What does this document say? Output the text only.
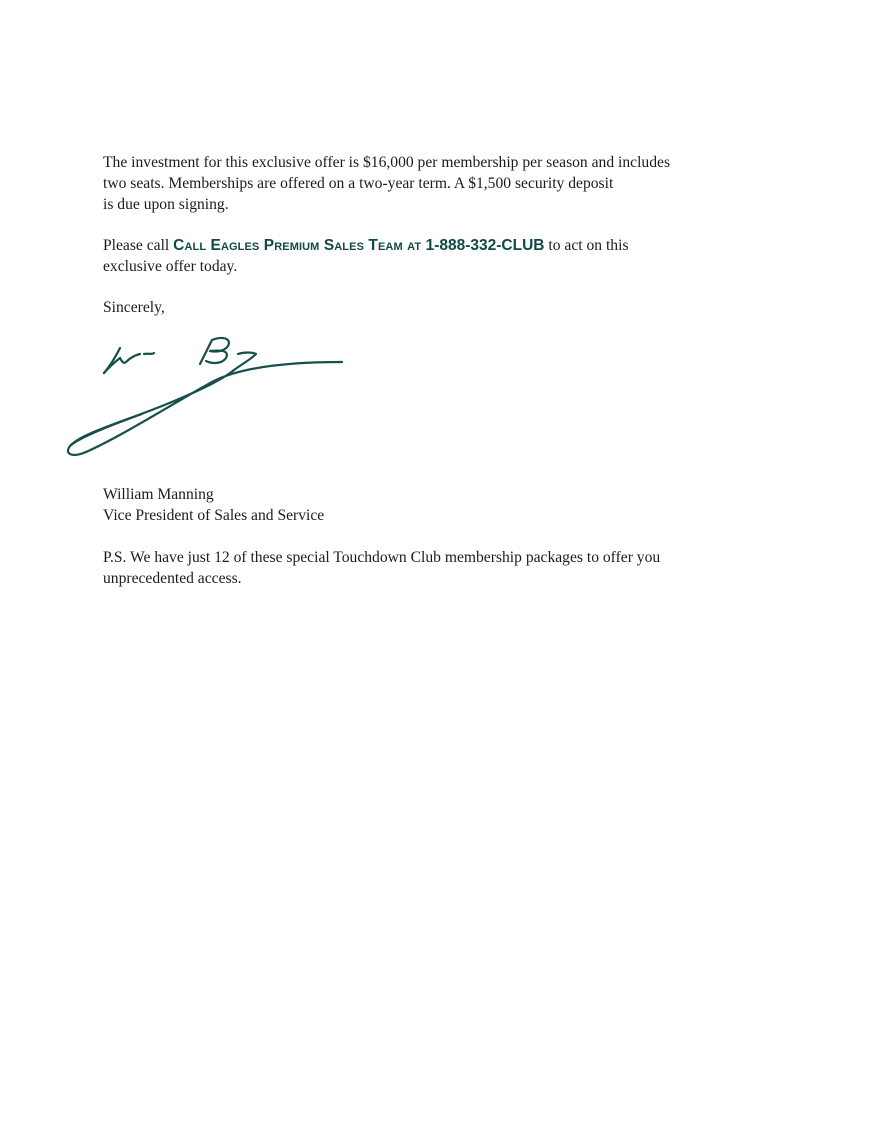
The investment for this exclusive offer is $16,000 per membership per season and includes
two seats. Memberships are offered on a two-year term. A $1,500 security deposit
is due upon signing.

Please call Call Eagles Premium Sales Team at 1-888-332-CLUB to act on this
exclusive offer today.

Sincerely,

William Manning
Vice President of Sales and Service
P.S. We have just 12 of these special Touchdown Club membership packages to offer you
unprecedented access.
